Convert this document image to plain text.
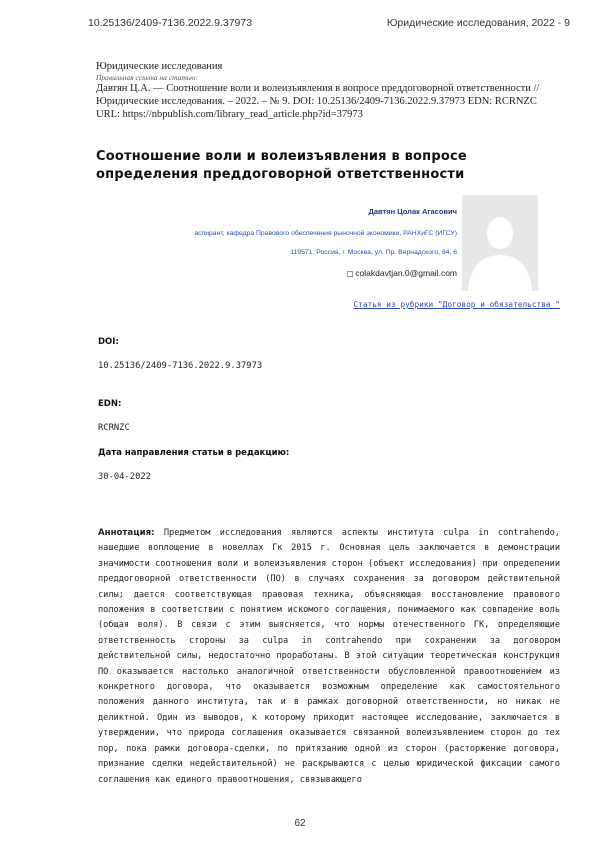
10.25136/2409-7136.2022.9.37973	Юридические исследования, 2022 - 9
Юридические исследования
Правильная ссылка на статью:
Давтян Ц.А. — Соотношение воли и волеизъявления в вопросе преддоговорной ответственности // Юридические исследования. – 2022. – № 9. DOI: 10.25136/2409-7136.2022.9.37973 EDN: RCRNZC URL: https://nbpublish.com/library_read_article.php?id=37973
Соотношение воли и волеизъявления в вопросе определения преддоговорной ответственности
Давтян Цолак Агасович
аспирант, кафедра Правового обеспечения рыночной экономики, РАНХиГС (ИГСУ)
119571, Россия, г. Москва, ул. Пр. Вернадского, 84, 6
colakdavtjan.0@gmail.com
Статья из рубрики "Договор и обязательства "
DOI:
10.25136/2409-7136.2022.9.37973
EDN:
RCRNZC
Дата направления статьи в редакцию:
30-04-2022
Аннотация: Предметом исследования являются аспекты института culpa in contrahendo, нашедшие воплощение в новеллах Гк 2015 г. Основная цель заключается в демонстрации значимости соотношения воли и волеизъявления сторон (объект исследования) при определении преддоговорной ответственности (ПО) в случаях сохранения за договором действительной силы; дается соответствующая правовая техника, объясняющая восстановление правового положения в соответствии с понятием искомого соглашения, понимаемого как совпадение воль (общая воля). В связи с этим выясняется, что нормы отечественного ГК, определяющие ответственность стороны за culpa in contrahendo при сохранении за договором действительной силы, недостаточно проработаны. В этой ситуации теоретическая конструкция ПО оказывается настолько аналогичной ответственности обусловленной правоотношением из конкретного договора, что оказывается возможным определение как самостоятельного положения данного института, так и в рамках договорной ответственности, но никак не деликтной. Один из выводов, к которому приходит настоящее исследование, заключается в утверждении, что природа соглашения оказывается связанной волеизъявлением сторон до тех пор, пока рамки договора-сделки, по притязанию одной из сторон (расторжение договора, признание сделки недействительной) не раскрываются с целью юридической фиксации самого соглашения как единого правоотношения, связывающего
62
